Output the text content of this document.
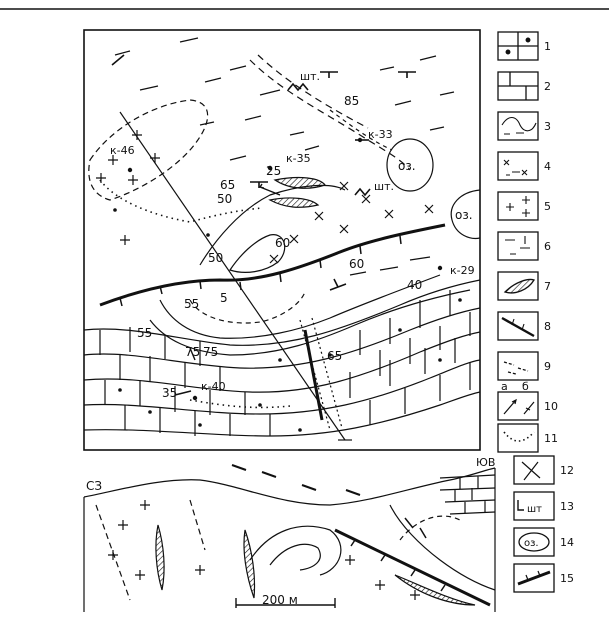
85
25
65
75
50
60
50	60
40
55 5
55
75	65
35
к-46
к-35
к-33
к-29
к-40
шт.
шт.
оз.
оз.
СЗ
ЮВ
200 м
1
2
3
4
5
6
7
8
9
10
11
12
13
14
15
а б
шт
оз.
